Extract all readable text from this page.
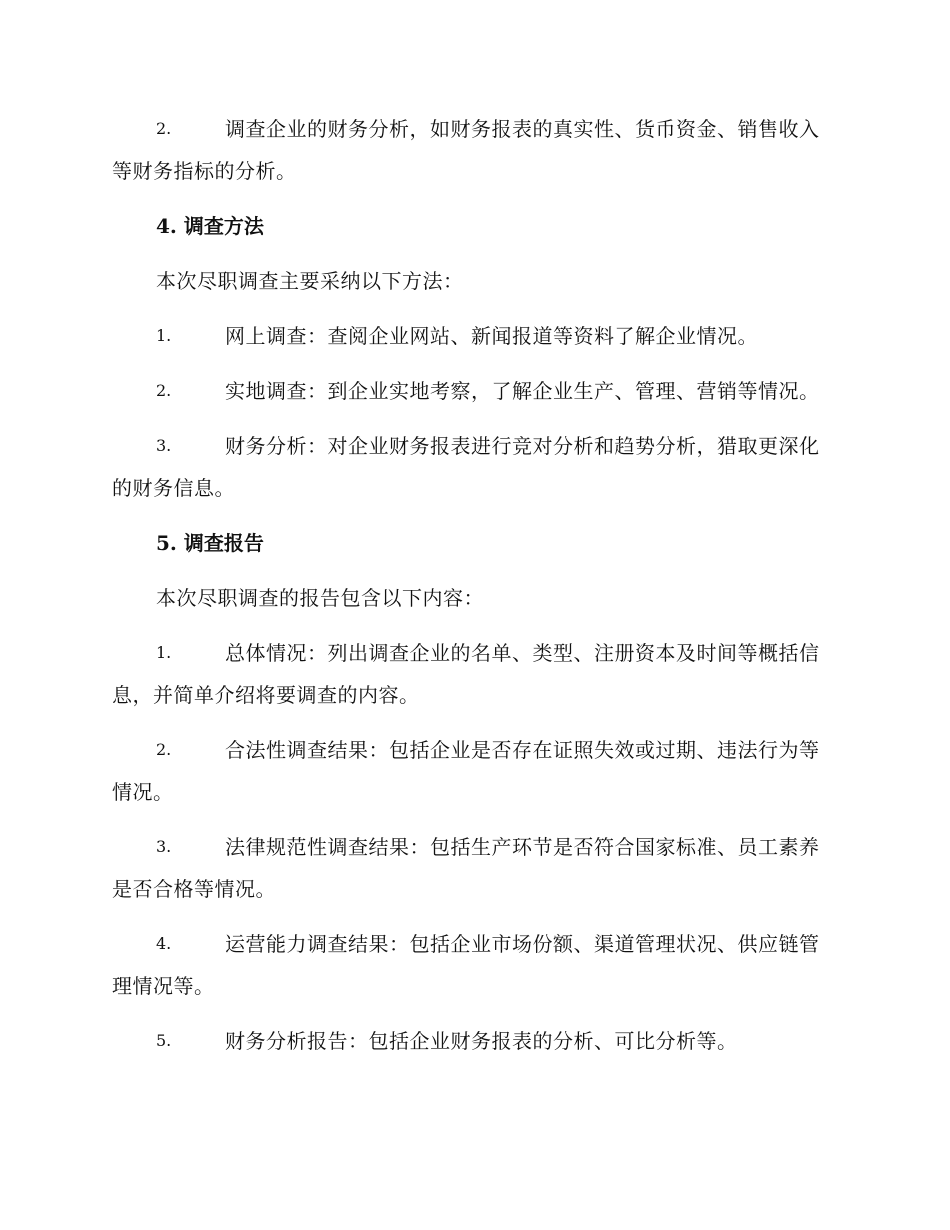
2.	调查企业的财务分析，如财务报表的真实性、货币资金、销售收入等财务指标的分析。
4. 调查方法
本次尽职调查主要采纳以下方法：
1.	网上调查：查阅企业网站、新闻报道等资料了解企业情况。
2.	实地调查：到企业实地考察，了解企业生产、管理、营销等情况。
3.	财务分析：对企业财务报表进行竞对分析和趋势分析，猎取更深化的财务信息。
5. 调查报告
本次尽职调查的报告包含以下内容：
1.	总体情况：列出调查企业的名单、类型、注册资本及时间等概括信息，并简单介绍将要调查的内容。
2.	合法性调查结果：包括企业是否存在证照失效或过期、违法行为等情况。
3.	法律规范性调查结果：包括生产环节是否符合国家标准、员工素养是否合格等情况。
4.	运营能力调查结果：包括企业市场份额、渠道管理状况、供应链管理情况等。
5.	财务分析报告：包括企业财务报表的分析、可比分析等。
